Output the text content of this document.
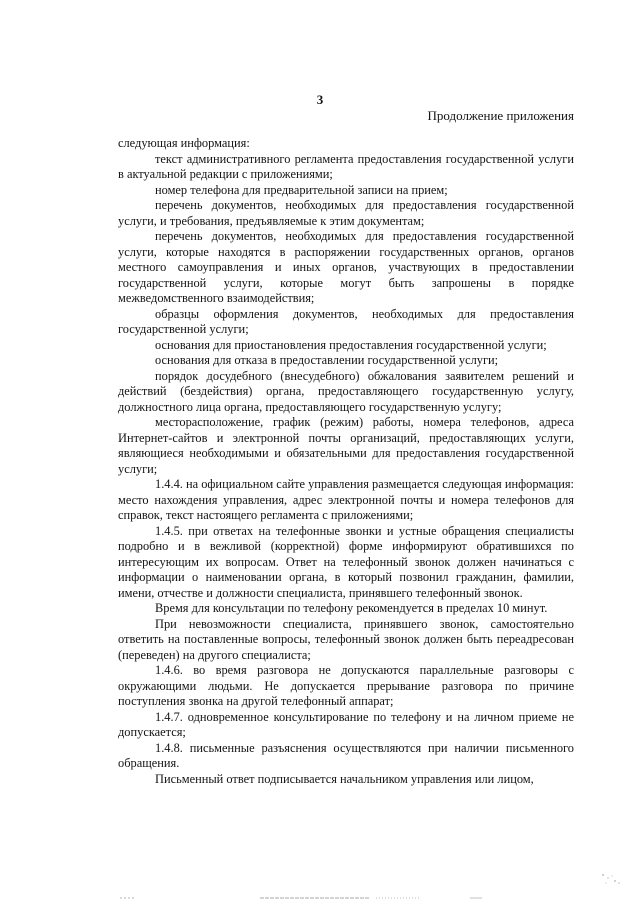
3
Продолжение приложения

следующая информация:

текст административного регламента предоставления государственной услуги в актуальной редакции с приложениями;

номер телефона для предварительной записи на прием;

перечень документов, необходимых для предоставления государственной услуги, и требования, предъявляемые к этим документам;

перечень документов, необходимых для предоставления государственной услуги, которые находятся в распоряжении государственных органов, органов местного самоуправления и иных органов, участвующих в предоставлении государственной услуги, которые могут быть запрошены в порядке межведомственного взаимодействия;

образцы оформления документов, необходимых для предоставления государственной услуги;

основания для приостановления предоставления государственной услуги;

основания для отказа в предоставлении государственной услуги;

порядок досудебного (внесудебного) обжалования заявителем решений и действий (бездействия) органа, предоставляющего государственную услугу, должностного лица органа, предоставляющего государственную услугу;

месторасположение, график (режим) работы, номера телефонов, адреса Интернет-сайтов и электронной почты организаций, предоставляющих услуги, являющиеся необходимыми и обязательными для предоставления государственной услуги;

1.4.4. на официальном сайте управления размещается следующая информация: место нахождения управления, адрес электронной почты и номера телефонов для справок, текст настоящего регламента с приложениями;

1.4.5. при ответах на телефонные звонки и устные обращения специалисты подробно и в вежливой (корректной) форме информируют обратившихся по интересующим их вопросам. Ответ на телефонный звонок должен начинаться с информации о наименовании органа, в который позвонил гражданин, фамилии, имени, отчестве и должности специалиста, принявшего телефонный звонок.

Время для консультации по телефону рекомендуется в пределах 10 минут.

При невозможности специалиста, принявшего звонок, самостоятельно ответить на поставленные вопросы, телефонный звонок должен быть переадресован (переведен) на другого специалиста;

1.4.6. во время разговора не допускаются параллельные разговоры с окружающими людьми. Не допускается прерывание разговора по причине поступления звонка на другой телефонный аппарат;

1.4.7. одновременное консультирование по телефону и на личном приеме не допускается;

1.4.8. письменные разъяснения осуществляются при наличии письменного обращения.

Письменный ответ подписывается начальником управления или лицом,
